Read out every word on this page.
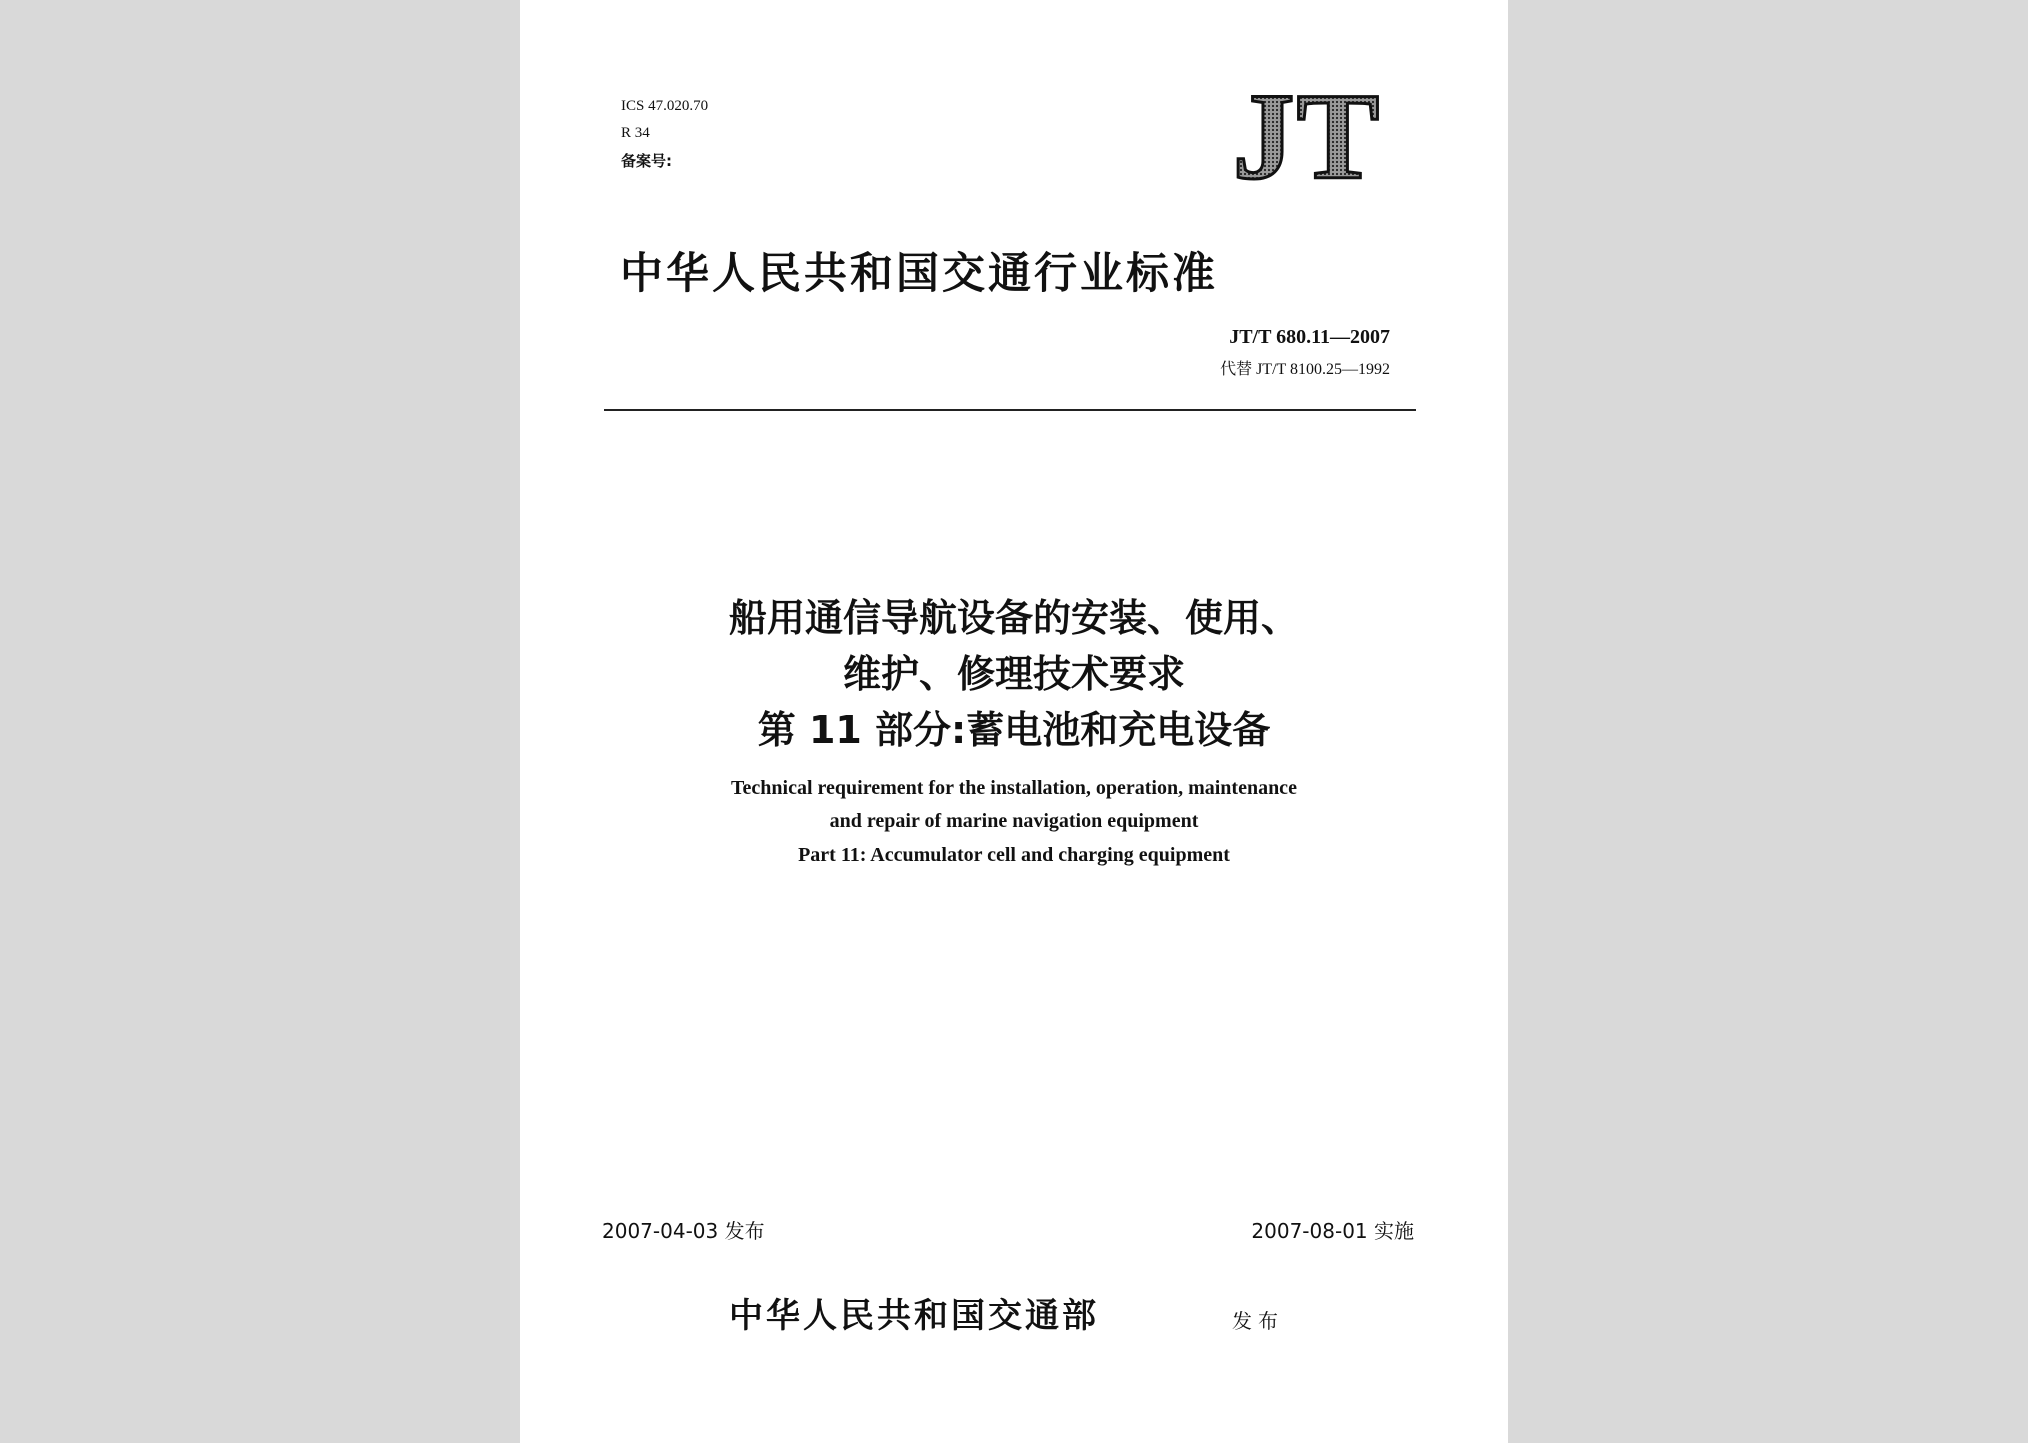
ICS 47.020.70
R 34
备案号:	JT
中华人民共和国交通行业标准
JT/T 680.11—2007
代替 JT/T 8100.25—1992
船用通信导航设备的安装、使用、
维护、修理技术要求
第 11 部分:蓄电池和充电设备
Technical requirement for the installation, operation, maintenance
and repair of marine navigation equipment
Part 11: Accumulator cell and charging equipment
2007-04-03 发布	2007-08-01 实施
中华人民共和国交通部	发布
